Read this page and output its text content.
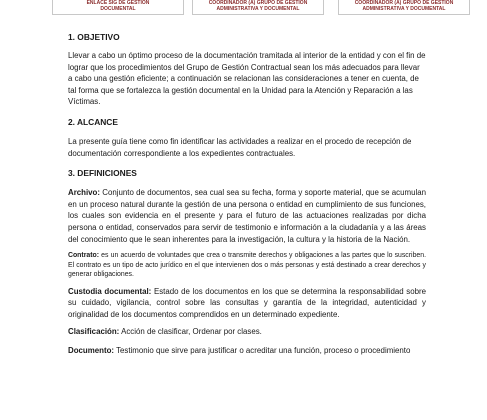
ENLACE SIG DE GESTIÓN
DOCUMENTAL
COORDINADOR (A) GRUPO DE GESTIÓN
ADMINISTRATIVA Y DOCUMENTAL
COORDINADOR (A) GRUPO DE GESTIÓN
ADMINISTRATIVA Y DOCUMENTAL

1. OBJETIVO

Llevar a cabo un óptimo proceso de la documentación tramitada al interior de la entidad y con el fin de lograr que los procedimientos del Grupo de Gestión Contractual sean los más adecuados para llevar a cabo una gestión eficiente; a continuación se relacionan las consideraciones a tener en cuenta, de tal forma que se fortalezca la gestión documental en la Unidad para la Atención y Reparación a las Víctimas.

2. ALCANCE

La presente guía tiene como fin identificar las actividades a realizar en el procedo de recepción de documentación correspondiente a los expedientes contractuales.

3. DEFINICIONES

Archivo: Conjunto de documentos, sea cual sea su fecha, forma y soporte material, que se acumulan en un proceso natural durante la gestión de una persona o entidad en cumplimiento de sus funciones, los cuales son evidencia en el presente y para el futuro de las actuaciones realizadas por dicha persona o entidad, conservados para servir de testimonio e información a la ciudadanía y a las áreas del conocimiento que le sean inherentes para la investigación, la cultura y la historia de la Nación.

Contrato: es un acuerdo de voluntades que crea o transmite derechos y obligaciones a las partes que lo suscriben. El contrato es un tipo de acto jurídico en el que intervienen dos o más personas y está destinado a crear derechos y generar obligaciones.

Custodia documental: Estado de los documentos en los que se determina la responsabilidad sobre su cuidado, vigilancia, control sobre las consultas y garantía de la integridad, autenticidad y originalidad de los documentos comprendidos en un determinado expediente.

Clasificación: Acción de clasificar, Ordenar por clases.

Documento: Testimonio que sirve para justificar o acreditar una función, proceso o procedimiento
